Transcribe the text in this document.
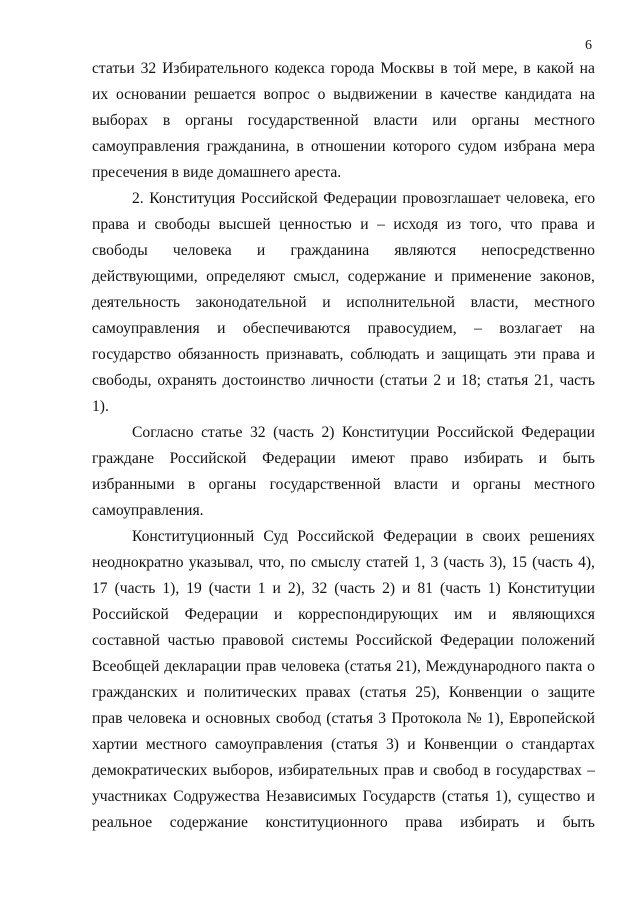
6
статьи 32 Избирательного кодекса города Москвы в той мере, в какой на
их основании решается вопрос о выдвижении в качестве кандидата на
выборах в органы государственной власти или органы местного
самоуправления гражданина, в отношении которого судом избрана мера
пресечения в виде домашнего ареста.
2. Конституция Российской Федерации провозглашает человека, его
права и свободы высшей ценностью и – исходя из того, что права и
свободы человека и гражданина являются непосредственно
действующими, определяют смысл, содержание и применение законов,
деятельность законодательной и исполнительной власти, местного
самоуправления и обеспечиваются правосудием, – возлагает на
государство обязанность признавать, соблюдать и защищать эти права и
свободы, охранять достоинство личности (статьи 2 и 18; статья 21, часть
1).
Согласно статье 32 (часть 2) Конституции Российской Федерации
граждане Российской Федерации имеют право избирать и быть
избранными в органы государственной власти и органы местного
самоуправления.
Конституционный Суд Российской Федерации в своих решениях
неоднократно указывал, что, по смыслу статей 1, 3 (часть 3), 15 (часть 4),
17 (часть 1), 19 (части 1 и 2), 32 (часть 2) и 81 (часть 1) Конституции
Российской Федерации и корреспондирующих им и являющихся
составной частью правовой системы Российской Федерации положений
Всеобщей декларации прав человека (статья 21), Международного пакта о
гражданских и политических правах (статья 25), Конвенции о защите
прав человека и основных свобод (статья 3 Протокола № 1), Европейской
хартии местного самоуправления (статья 3) и Конвенции о стандартах
демократических выборов, избирательных прав и свобод в государствах –
участниках Содружества Независимых Государств (статья 1), существо и
реальное содержание конституционного права избирать и быть
